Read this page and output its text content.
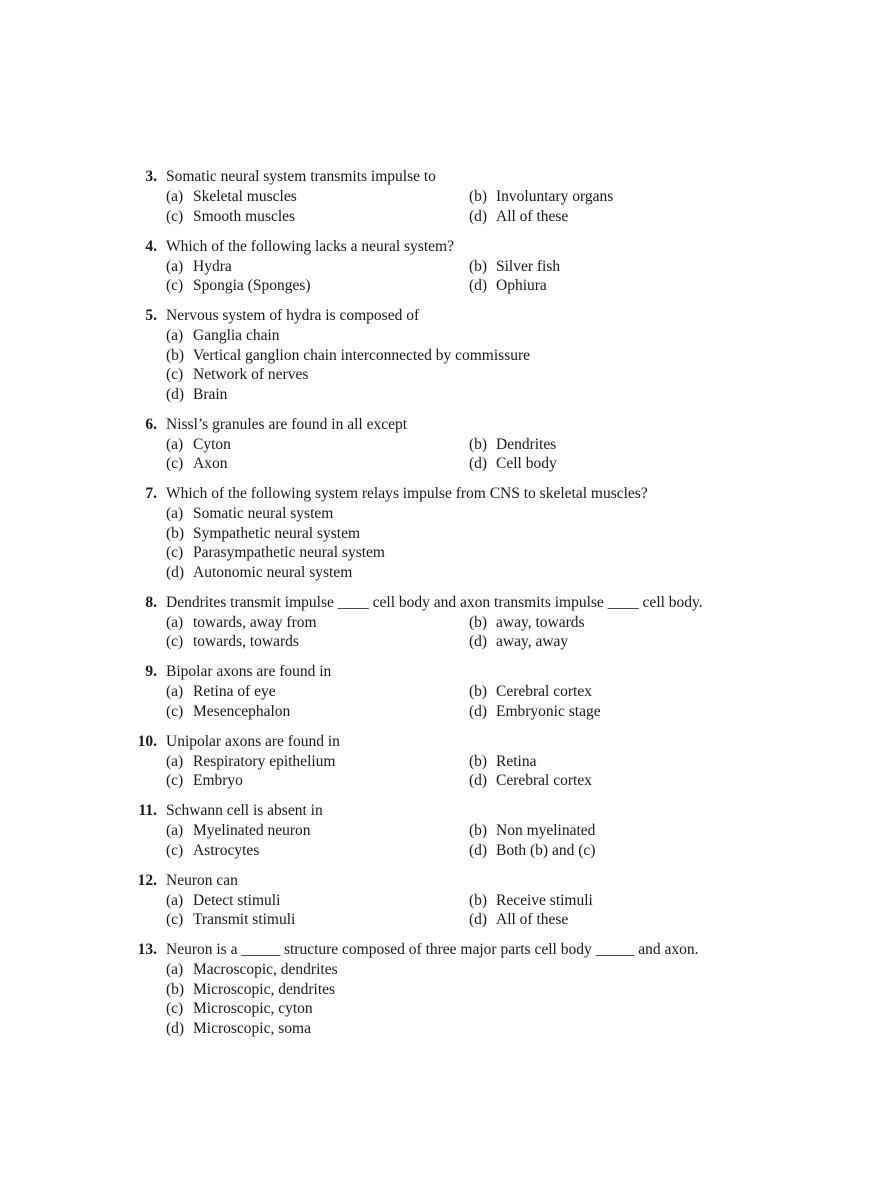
3. Somatic neural system transmits impulse to
(a) Skeletal muscles	(b) Involuntary organs
(c) Smooth muscles	(d) All of these
4. Which of the following lacks a neural system?
(a) Hydra	(b) Silver fish
(c) Spongia (Sponges)	(d) Ophiura
5. Nervous system of hydra is composed of
(a) Ganglia chain
(b) Vertical ganglion chain interconnected by commissure
(c) Network of nerves
(d) Brain
6. Nissl’s granules are found in all except
(a) Cyton	(b) Dendrites
(c) Axon	(d) Cell body
7. Which of the following system relays impulse from CNS to skeletal muscles?
(a) Somatic neural system
(b) Sympathetic neural system
(c) Parasympathetic neural system
(d) Autonomic neural system
8. Dendrites transmit impulse ____ cell body and axon transmits impulse ____ cell body.
(a) towards, away from	(b) away, towards
(c) towards, towards	(d) away, away
9. Bipolar axons are found in
(a) Retina of eye	(b) Cerebral cortex
(c) Mesencephalon	(d) Embryonic stage
10. Unipolar axons are found in
(a) Respiratory epithelium	(b) Retina
(c) Embryo	(d) Cerebral cortex
11. Schwann cell is absent in
(a) Myelinated neuron	(b) Non myelinated
(c) Astrocytes	(d) Both (b) and (c)
12. Neuron can
(a) Detect stimuli	(b) Receive stimuli
(c) Transmit stimuli	(d) All of these
13. Neuron is a _____ structure composed of three major parts cell body _____ and axon.
(a) Macroscopic, dendrites
(b) Microscopic, dendrites
(c) Microscopic, cyton
(d) Microscopic, soma
